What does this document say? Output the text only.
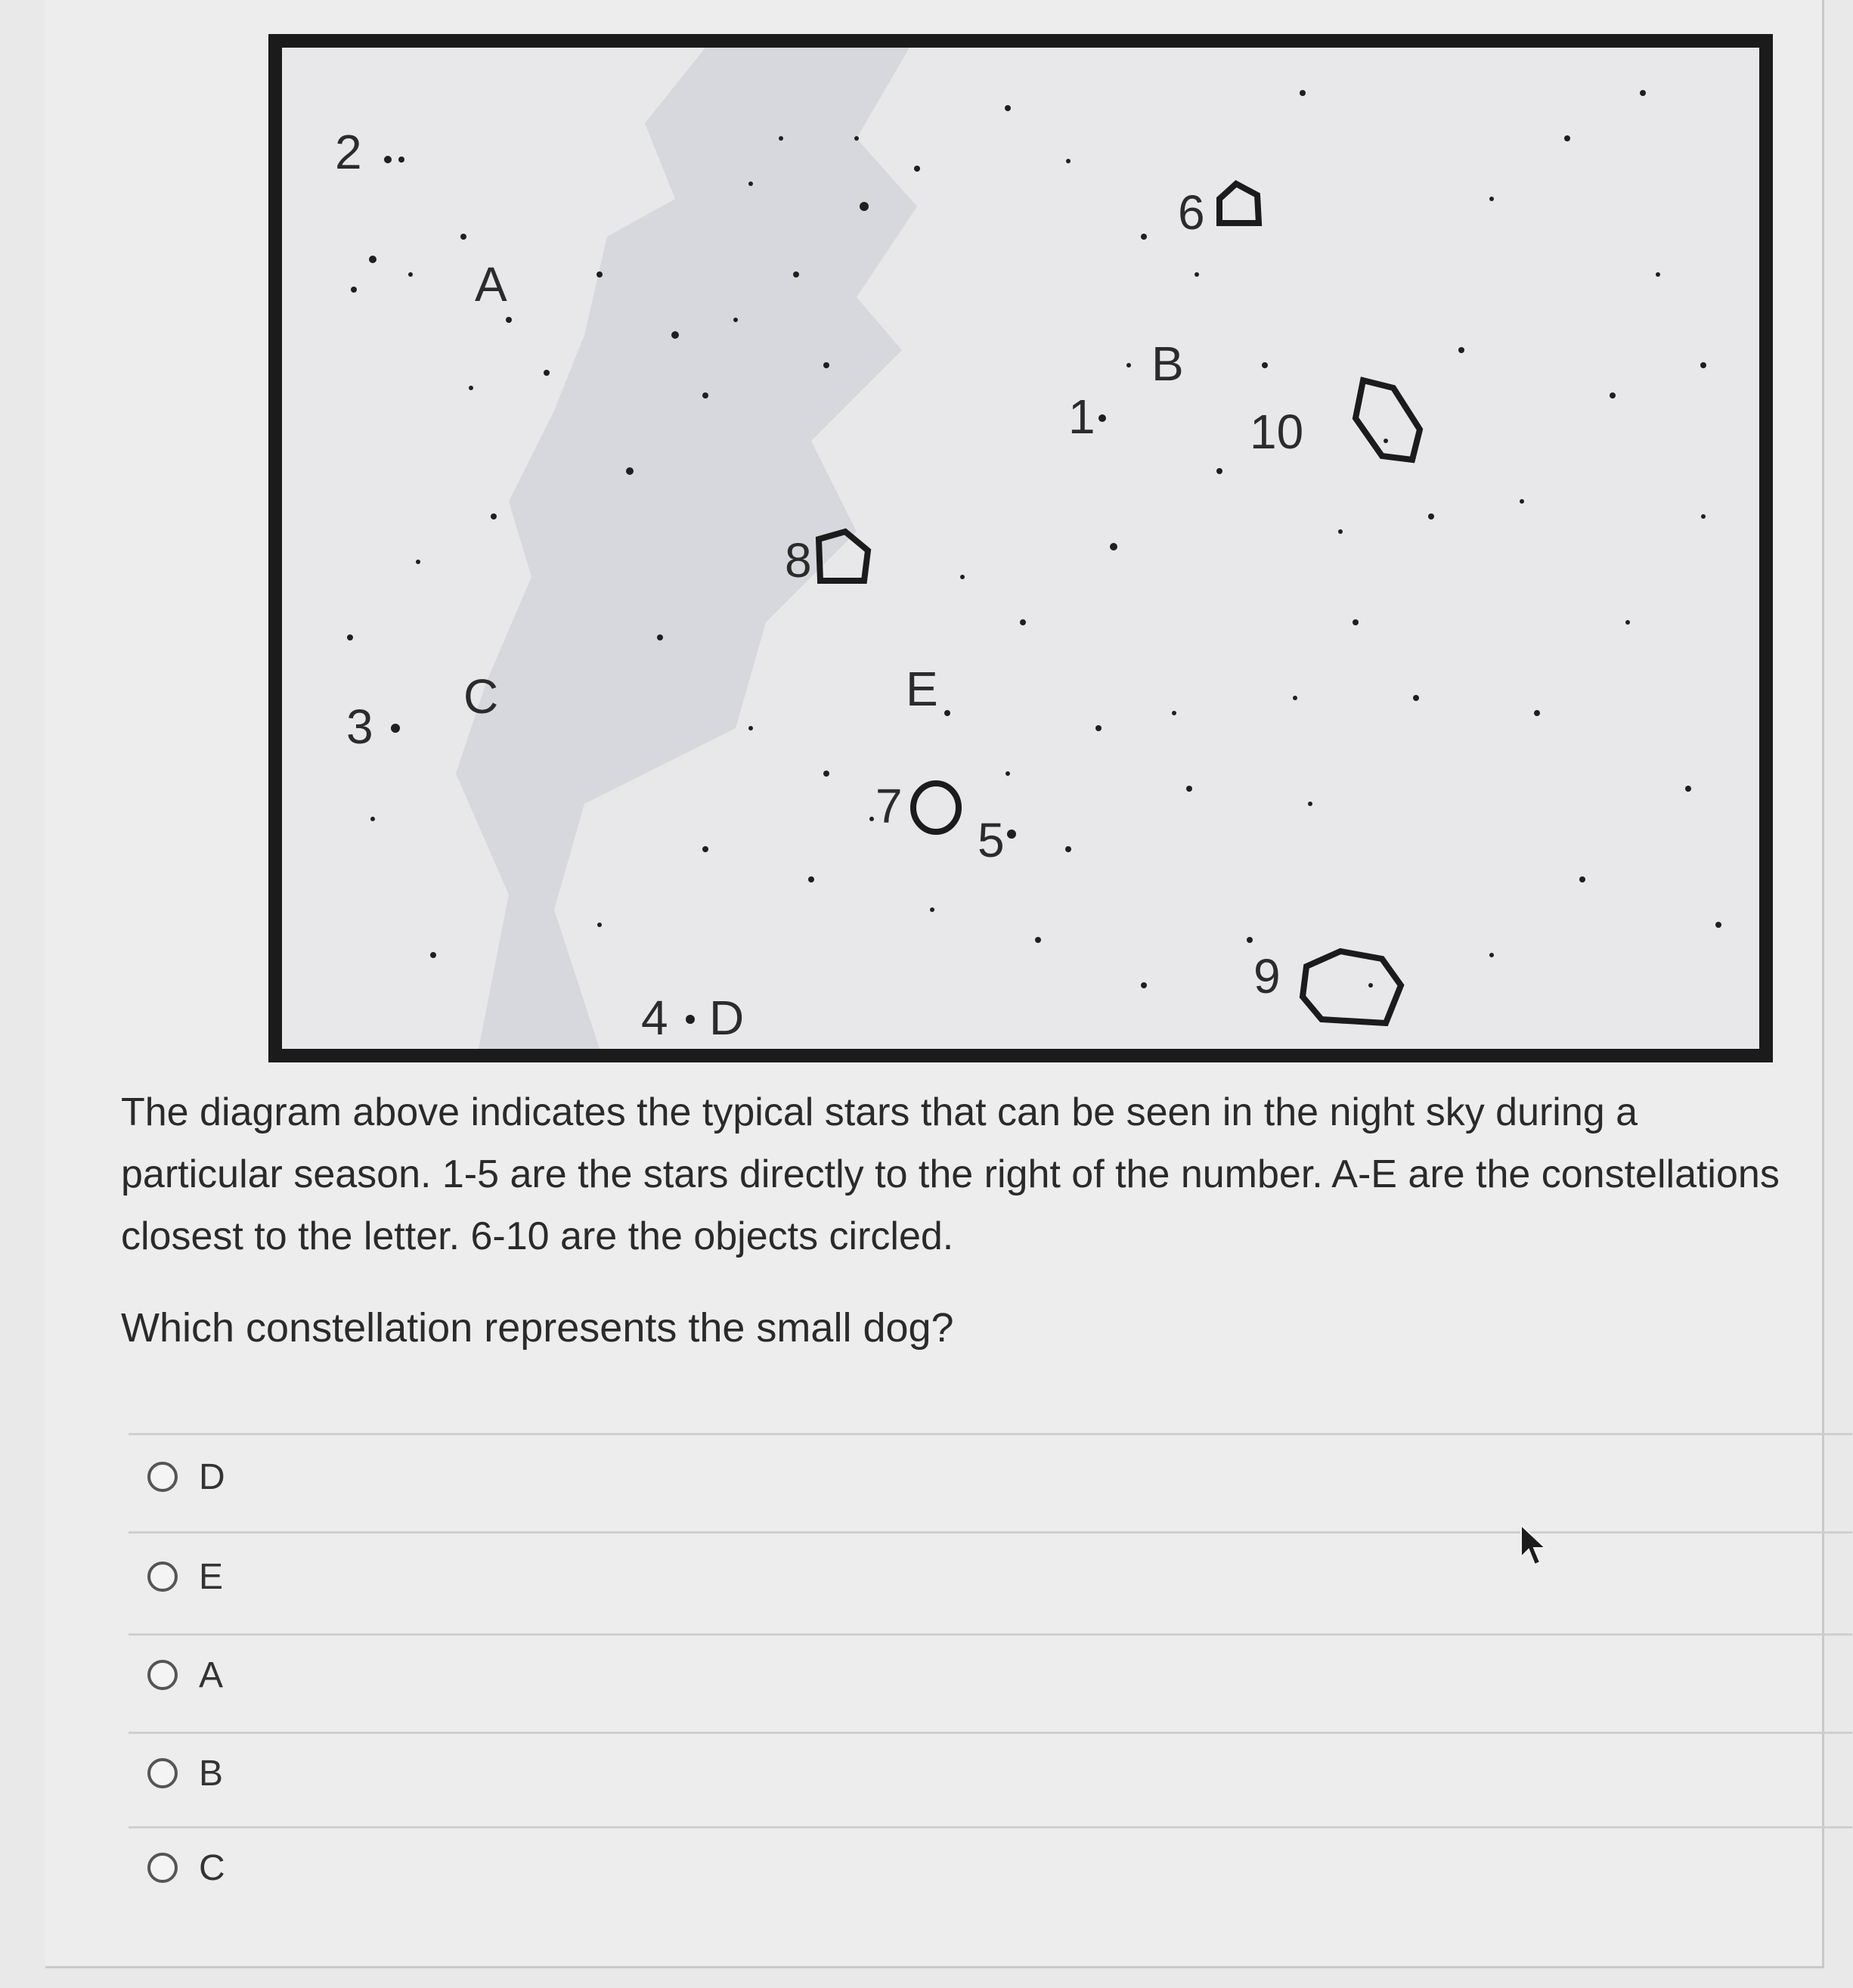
2
A
3
C
4 D
8
E
7
5
1
B
6
10
9

The diagram above indicates the typical stars that can be seen in the night sky during a particular season. 1-5 are the stars directly to the right of the number. A-E are the constellations closest to the letter. 6-10 are the objects circled.

Which constellation represents the small dog?

D
E
A
B
C
